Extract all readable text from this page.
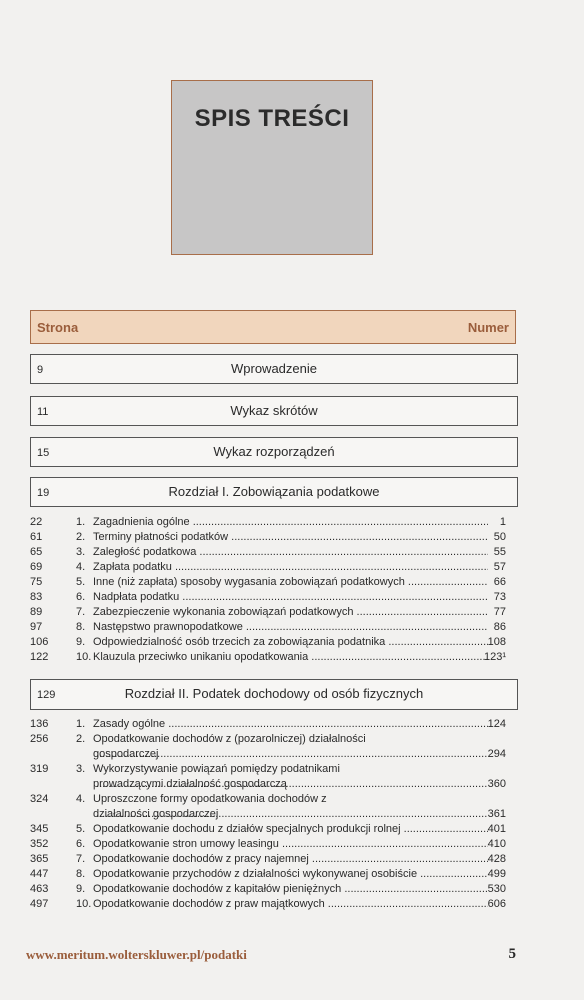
SPIS TREŚCI
Strona	Numer
9	Wprowadzenie
11	Wykaz skrótów
15	Wykaz rozporządzeń
19	Rozdział I. Zobowiązania podatkowe
22	1. Zagadnienia ogólne .....	1
61	2. Terminy płatności podatków .....	50
65	3. Zaległość podatkowa .....	55
69	4. Zapłata podatku .....	57
75	5. Inne (niż zapłata) sposoby wygasania zobowiązań podatkowych .....	66
83	6. Nadpłata podatku .....	73
89	7. Zabezpieczenie wykonania zobowiązań podatkowych .....	77
97	8. Następstwo prawnopodatkowe .....	86
106	9. Odpowiedzialność osób trzecich za zobowiązania podatnika .....	108
122	10. Klauzula przeciwko unikaniu opodatkowania .....	123¹
129	Rozdział II. Podatek dochodowy od osób fizycznych
136	1. Zasady ogólne .....	124
256	2. Opodatkowanie dochodów z (pozarolniczej) działalności gospodarczej	294
.....
319	3. Wykorzystywanie powiązań pomiędzy podatnikami prowadzącymi działalność gospodarczą	360
.....
324	4. Uproszczone formy opodatkowania dochodów z działalności gospodarczej	361
.....
345	5. Opodatkowanie dochodu z działów specjalnych produkcji rolnej .....	401
352	6. Opodatkowanie stron umowy leasingu .....	410
365	7. Opodatkowanie dochodów z pracy najemnej .....	428
447	8. Opodatkowanie przychodów z działalności wykonywanej osobiście .....	499
463	9. Opodatkowanie dochodów z kapitałów pieniężnych .....	530
497	10. Opodatkowanie dochodów z praw majątkowych .....	606
www.meritum.wolterskluwer.pl/podatki	5
